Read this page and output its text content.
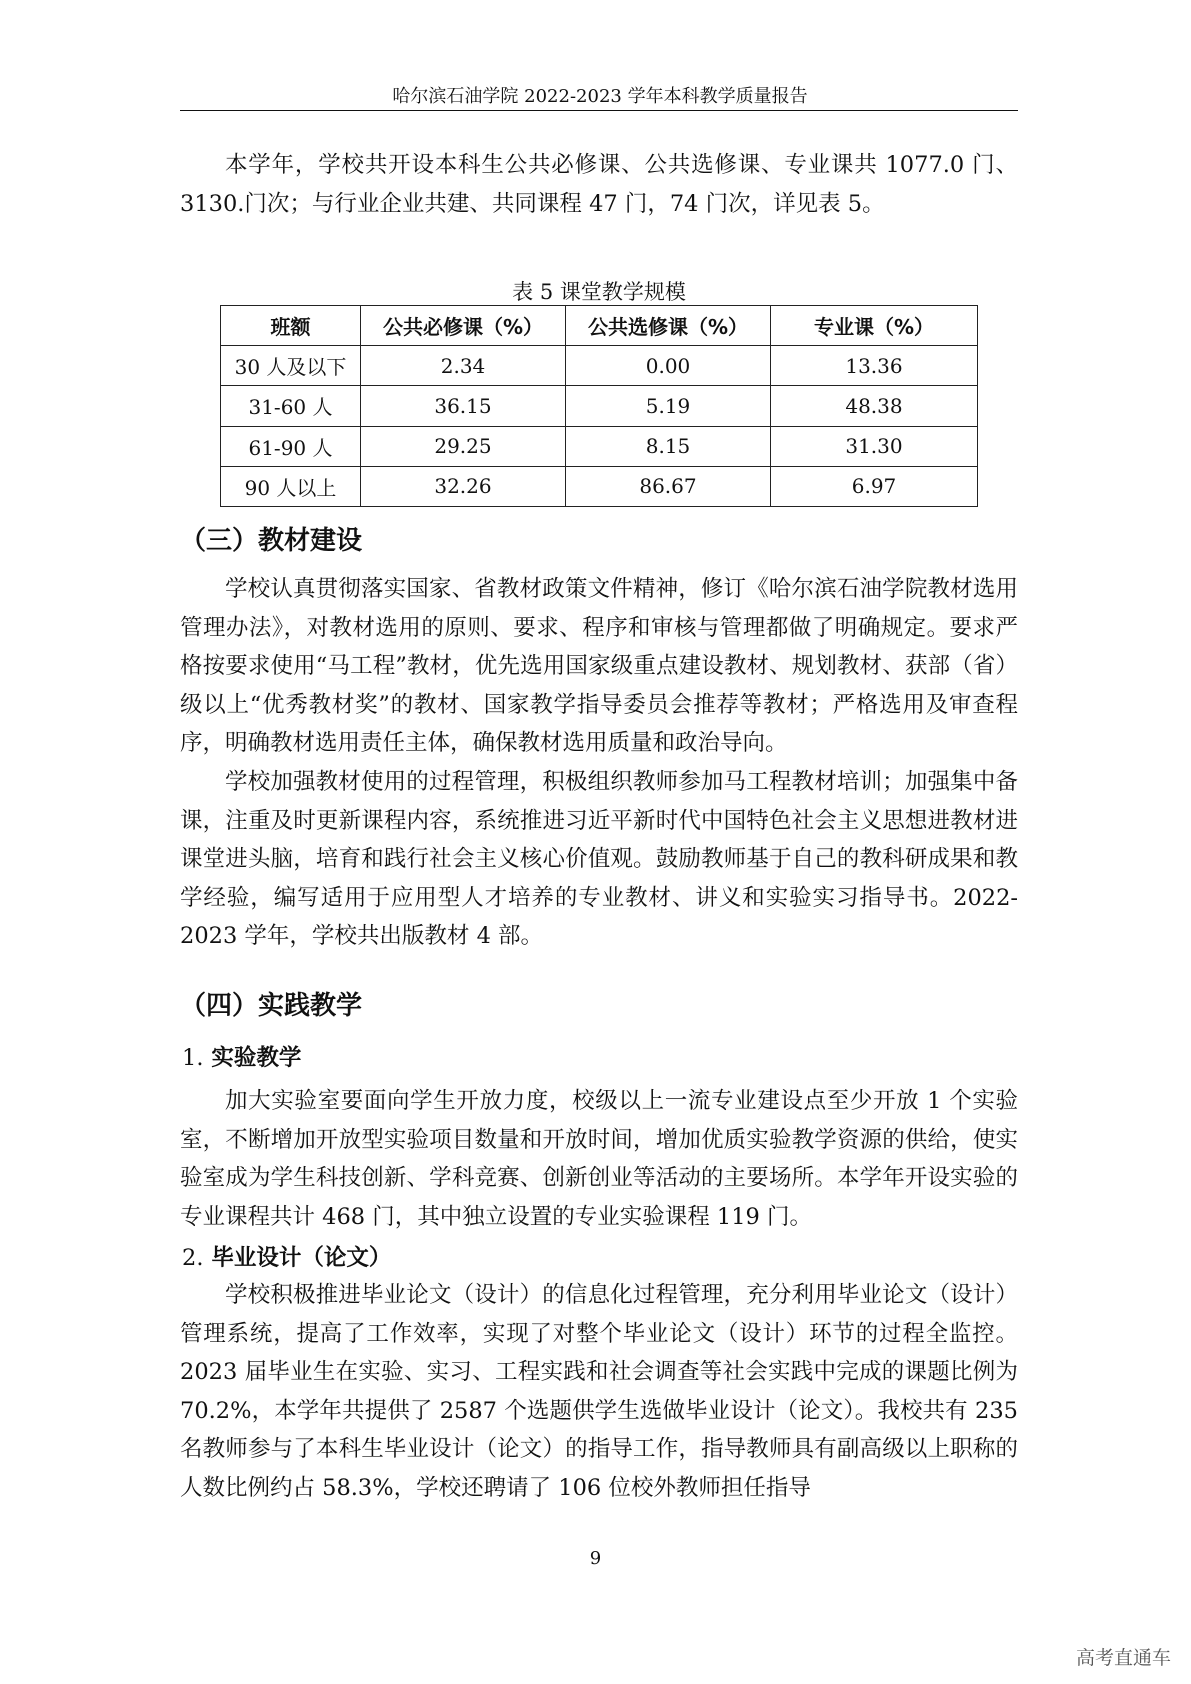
哈尔滨石油学院 2022-2023 学年本科教学质量报告

本学年，学校共开设本科生公共必修课、公共选修课、专业课共 1077.0 门、3130.门次；与行业企业共建、共同课程 47 门，74 门次，详见表 5。

表 5 课堂教学规模
班额	公共必修课（%）	公共选修课（%）	专业课（%）
30 人及以下	2.34	0.00	13.36
31-60 人	36.15	5.19	48.38
61-90 人	29.25	8.15	31.30
90 人以上	32.26	86.67	6.97
（三）教材建设

学校认真贯彻落实国家、省教材政策文件精神，修订《哈尔滨石油学院教材选用管理办法》，对教材选用的原则、要求、程序和审核与管理都做了明确规定。要求严格按要求使用“马工程”教材，优先选用国家级重点建设教材、规划教材、获部（省）级以上“优秀教材奖”的教材、国家教学指导委员会推荐等教材；严格选用及审查程序，明确教材选用责任主体，确保教材选用质量和政治导向。

学校加强教材使用的过程管理，积极组织教师参加马工程教材培训；加强集中备课，注重及时更新课程内容，系统推进习近平新时代中国特色社会主义思想进教材进课堂进头脑，培育和践行社会主义核心价值观。鼓励教师基于自己的教科研成果和教学经验，编写适用于应用型人才培养的专业教材、讲义和实验实习指导书。2022-2023 学年，学校共出版教材 4 部。

（四）实践教学
1. 实验教学

加大实验室要面向学生开放力度，校级以上一流专业建设点至少开放 1 个实验室，不断增加开放型实验项目数量和开放时间，增加优质实验教学资源的供给，使实验室成为学生科技创新、学科竞赛、创新创业等活动的主要场所。本学年开设实验的专业课程共计 468 门，其中独立设置的专业实验课程 119 门。

2. 毕业设计（论文）

学校积极推进毕业论文（设计）的信息化过程管理，充分利用毕业论文（设计）管理系统，提高了工作效率，实现了对整个毕业论文（设计）环节的过程全监控。2023 届毕业生在实验、实习、工程实践和社会调查等社会实践中完成的课题比例为 70.2%，本学年共提供了 2587 个选题供学生选做毕业设计（论文）。我校共有 235 名教师参与了本科生毕业设计（论文）的指导工作，指导教师具有副高级以上职称的人数比例约占 58.3%，学校还聘请了 106 位校外教师担任指导

9
高考直通车
